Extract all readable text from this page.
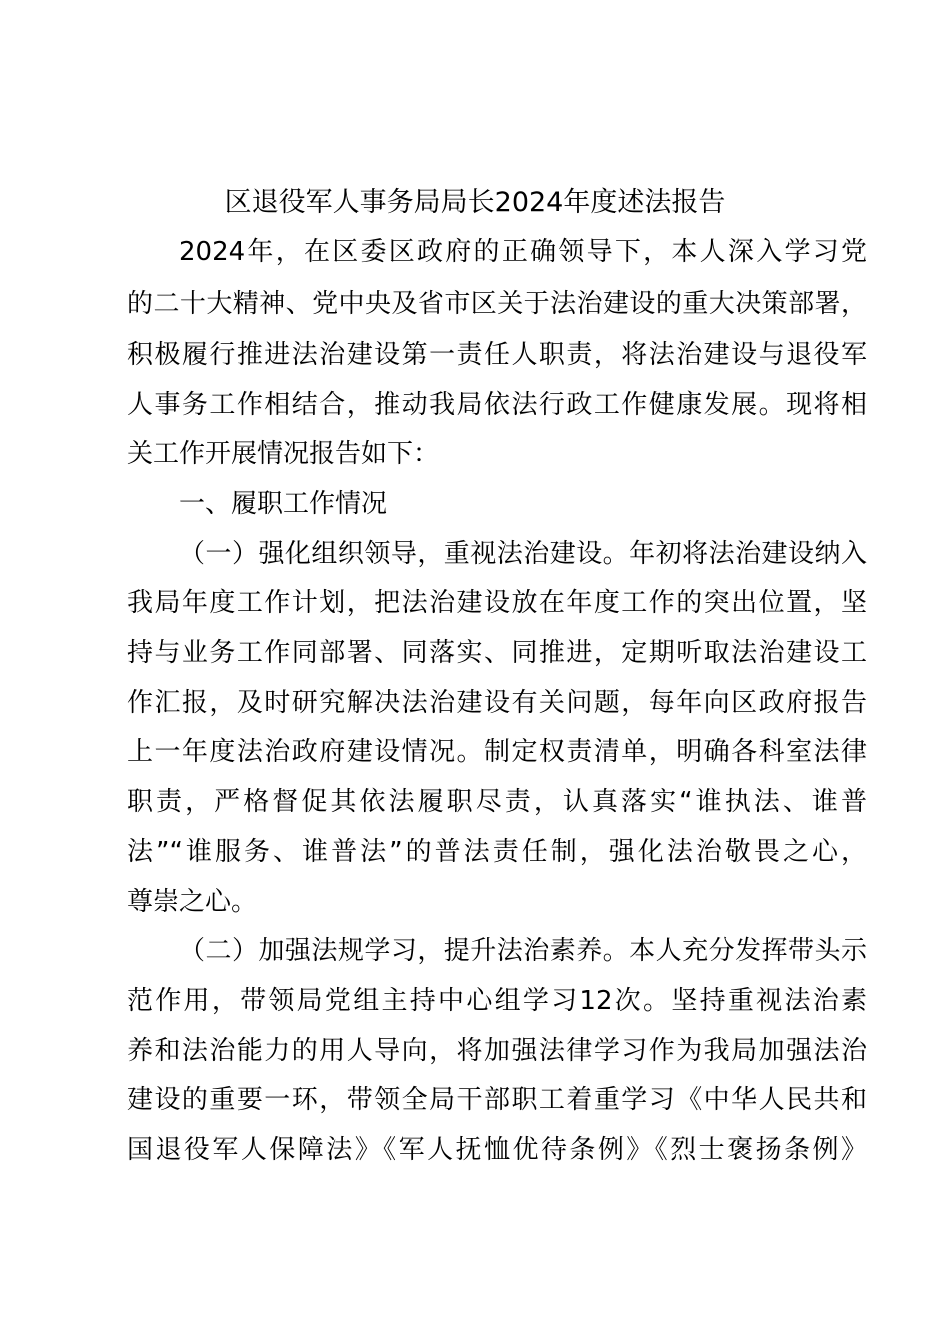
区退役军人事务局局长2024年度述法报告
2024年，在区委区政府的正确领导下，本人深入学习党
的二十大精神、党中央及省市区关于法治建设的重大决策部署，
积极履行推进法治建设第一责任人职责，将法治建设与退役军
人事务工作相结合，推动我局依法行政工作健康发展。现将相
关工作开展情况报告如下：
一、履职工作情况
（一）强化组织领导，重视法治建设。年初将法治建设纳入
我局年度工作计划，把法治建设放在年度工作的突出位置，坚
持与业务工作同部署、同落实、同推进，定期听取法治建设工
作汇报，及时研究解决法治建设有关问题，每年向区政府报告
上一年度法治政府建设情况。制定权责清单，明确各科室法律
职责，严格督促其依法履职尽责，认真落实“谁执法、谁普
法”“谁服务、谁普法”的普法责任制，强化法治敬畏之心，
尊崇之心。
（二）加强法规学习，提升法治素养。本人充分发挥带头示
范作用，带领局党组主持中心组学习12次。坚持重视法治素
养和法治能力的用人导向，将加强法律学习作为我局加强法治
建设的重要一环，带领全局干部职工着重学习《中华人民共和
国退役军人保障法》《军人抚恤优待条例》《烈士褒扬条例》
